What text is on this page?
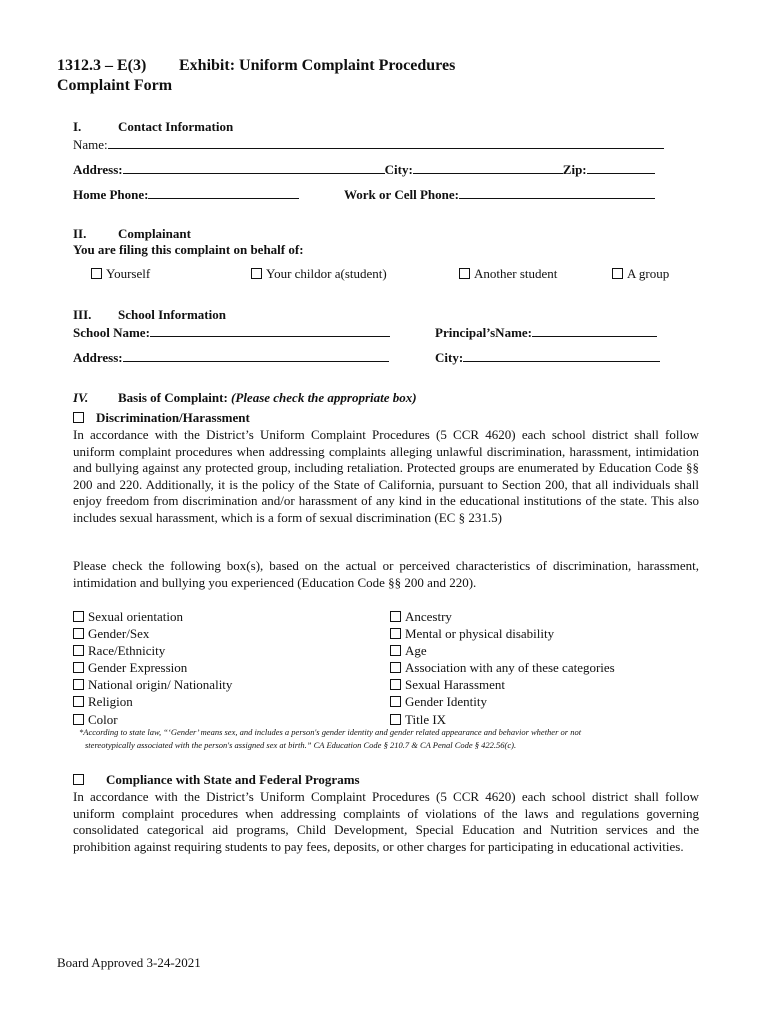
1312.3 – E(3) Exhibit: Uniform Complaint Procedures
Complaint Form
I.	Contact Information
Name:
Address:	City:	Zip:
Home Phone:	Work or Cell Phone:
II. Complainant
You are filing this complaint on behalf of:
Yourself	Your childor a(student)	Another student	A group
III. School Information
School Name:	Principal’sName:
Address:	City:
IV. Basis of Complaint: (Please check the appropriate box)
Discrimination/Harassment
In accordance with the District’s Uniform Complaint Procedures (5 CCR 4620) each school district shall follow uniform complaint procedures when addressing complaints alleging unlawful discrimination, harassment, intimidation and bullying against any protected group, including retaliation. Protected groups are enumerated by Education Code §§ 200 and 220. Additionally, it is the policy of the State of California, pursuant to Section 200, that all individuals shall enjoy freedom from discrimination and/or harassment of any kind in the educational institutions of the state. This also includes sexual harassment, which is a form of sexual discrimination (EC § 231.5)
Please check the following box(s), based on the actual or perceived characteristics of discrimination, harassment, intimidation and bullying you experienced (Education Code §§ 200 and 220).
Sexual orientation
Gender/Sex
Race/Ethnicity
Gender Expression
National origin/ Nationality
Religion
Color
Ancestry
Mental or physical disability
Age
Association with any of these categories
Sexual Harassment
Gender Identity
Title IX
*According to state law, “‘Gender’ means sex, and includes a person's gender identity and gender related appearance and behavior whether or not
stereotypically associated with the person's assigned sex at birth.” CA Education Code § 210.7 & CA Penal Code § 422.56(c).
Compliance with State and Federal Programs
In accordance with the District’s Uniform Complaint Procedures (5 CCR 4620) each school district shall follow uniform complaint procedures when addressing complaints of violations of the laws and regulations governing consolidated categorical aid programs, Child Development, Special Education and Nutrition services and the prohibition against requiring students to pay fees, deposits, or other charges for participating in educational activities.
Board Approved 3-24-2021
